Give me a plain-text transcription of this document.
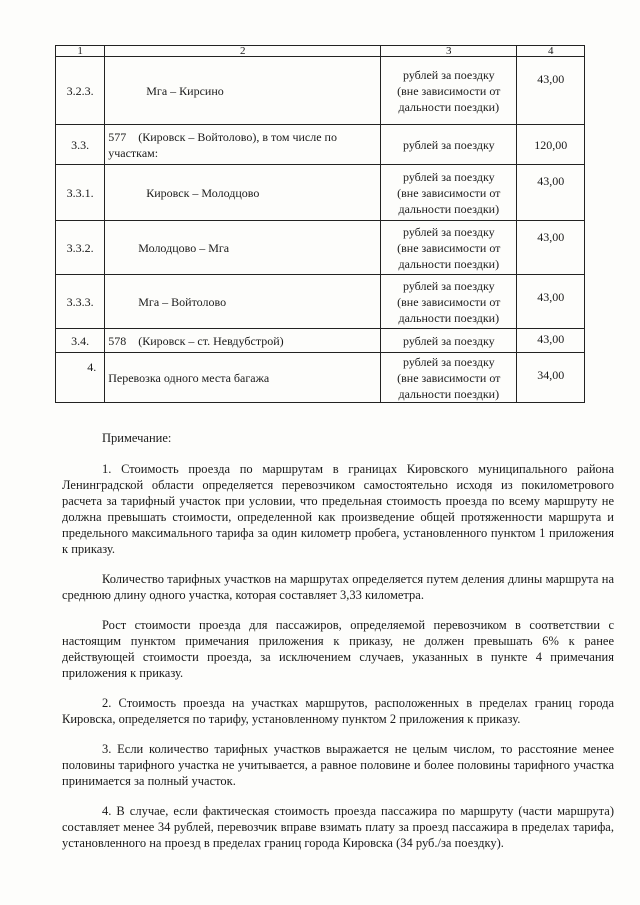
1	2	3	4
3.2.3.	Мга – Кирсино	рублей за поездку
(вне зависимости от
дальности поездки)	43,00
3.3.	577 (Кировск – Войтолово), в том числе по участкам:	рублей за поездку	120,00
3.3.1.	Кировск – Молодцово	рублей за поездку
(вне зависимости от
дальности поездки)	43,00
3.3.2.	Молодцово – Мга	рублей за поездку
(вне зависимости от
дальности поездки)	43,00
3.3.3.	Мга – Войтолово	рублей за поездку
(вне зависимости от
дальности поездки)	43,00
3.4.	578 (Кировск – ст. Невдубстрой)	рублей за поездку	43,00
4.	Перевозка одного места багажа	рублей за поездку
(вне зависимости от
дальности поездки)	34,00

Примечание:

1. Стоимость проезда по маршрутам в границах Кировского муниципального района Ленинградской области определяется перевозчиком самостоятельно исходя из покилометрового расчета за тарифный участок при условии, что предельная стоимость проезда по всему маршруту не должна превышать стоимости, определенной как произведение общей протяженности маршрута и предельного максимального тарифа за один километр пробега, установленного пунктом 1 приложения к приказу.

Количество тарифных участков на маршрутах определяется путем деления длины маршрута на среднюю длину одного участка, которая составляет 3,33 километра.

Рост стоимости проезда для пассажиров, определяемой перевозчиком в соответствии с настоящим пунктом примечания приложения к приказу, не должен превышать 6% к ранее действующей стоимости проезда, за исключением случаев, указанных в пункте 4 примечания приложения к приказу.

2. Стоимость проезда на участках маршрутов, расположенных в пределах границ города Кировска, определяется по тарифу, установленному пунктом 2 приложения к приказу.

3. Если количество тарифных участков выражается не целым числом, то расстояние менее половины тарифного участка не учитывается, а равное половине и более половины тарифного участка принимается за полный участок.

4. В случае, если фактическая стоимость проезда пассажира по маршруту (части маршрута) составляет менее 34 рублей, перевозчик вправе взимать плату за проезд пассажира в пределах тарифа, установленного на проезд в пределах границ города Кировска (34 руб./за поездку).
